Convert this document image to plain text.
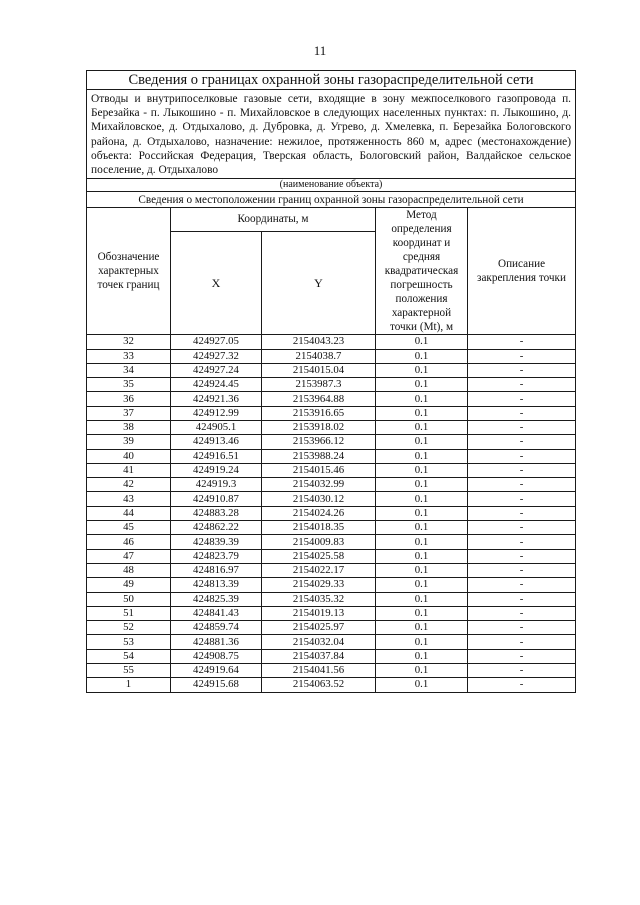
11
Сведения о границах охранной зоны газораспределительной сети				
Отводы и внутрипоселковые газовые сети, входящие в зону межпоселкового газопровода п. Березайка - п. Лыкошино - п. Михайловское в следующих населенных пунктах: п. Лыкошино, д. Михайловское, д. Отдыхалово, д. Дубровка, д. Угрево, д. Хмелевка, п. Березайка Бологовского района, д. Отдыхалово, назначение: нежилое, протяженность 860 м, адрес (местонахождение) объекта: Российская Федерация, Тверская область, Бологовский район, Валдайское сельское поселение, д. Отдыхалово				
(наименование объекта)				
Сведения о местоположении границ охранной зоны газораспределительной сети				
Обозначение характерных точек границ	Координаты, м		Метод определения координат и средняя квадратическая погрешность положения характерной точки (Mt), м	Описание закрепления точки
	X	Y		
32	424927.05	2154043.23	0.1	-
33	424927.32	2154038.7	0.1	-
34	424927.24	2154015.04	0.1	-
35	424924.45	2153987.3	0.1	-
36	424921.36	2153964.88	0.1	-
37	424912.99	2153916.65	0.1	-
38	424905.1	2153918.02	0.1	-
39	424913.46	2153966.12	0.1	-
40	424916.51	2153988.24	0.1	-
41	424919.24	2154015.46	0.1	-
42	424919.3	2154032.99	0.1	-
43	424910.87	2154030.12	0.1	-
44	424883.28	2154024.26	0.1	-
45	424862.22	2154018.35	0.1	-
46	424839.39	2154009.83	0.1	-
47	424823.79	2154025.58	0.1	-
48	424816.97	2154022.17	0.1	-
49	424813.39	2154029.33	0.1	-
50	424825.39	2154035.32	0.1	-
51	424841.43	2154019.13	0.1	-
52	424859.74	2154025.97	0.1	-
53	424881.36	2154032.04	0.1	-
54	424908.75	2154037.84	0.1	-
55	424919.64	2154041.56	0.1	-
1	424915.68	2154063.52	0.1	-
